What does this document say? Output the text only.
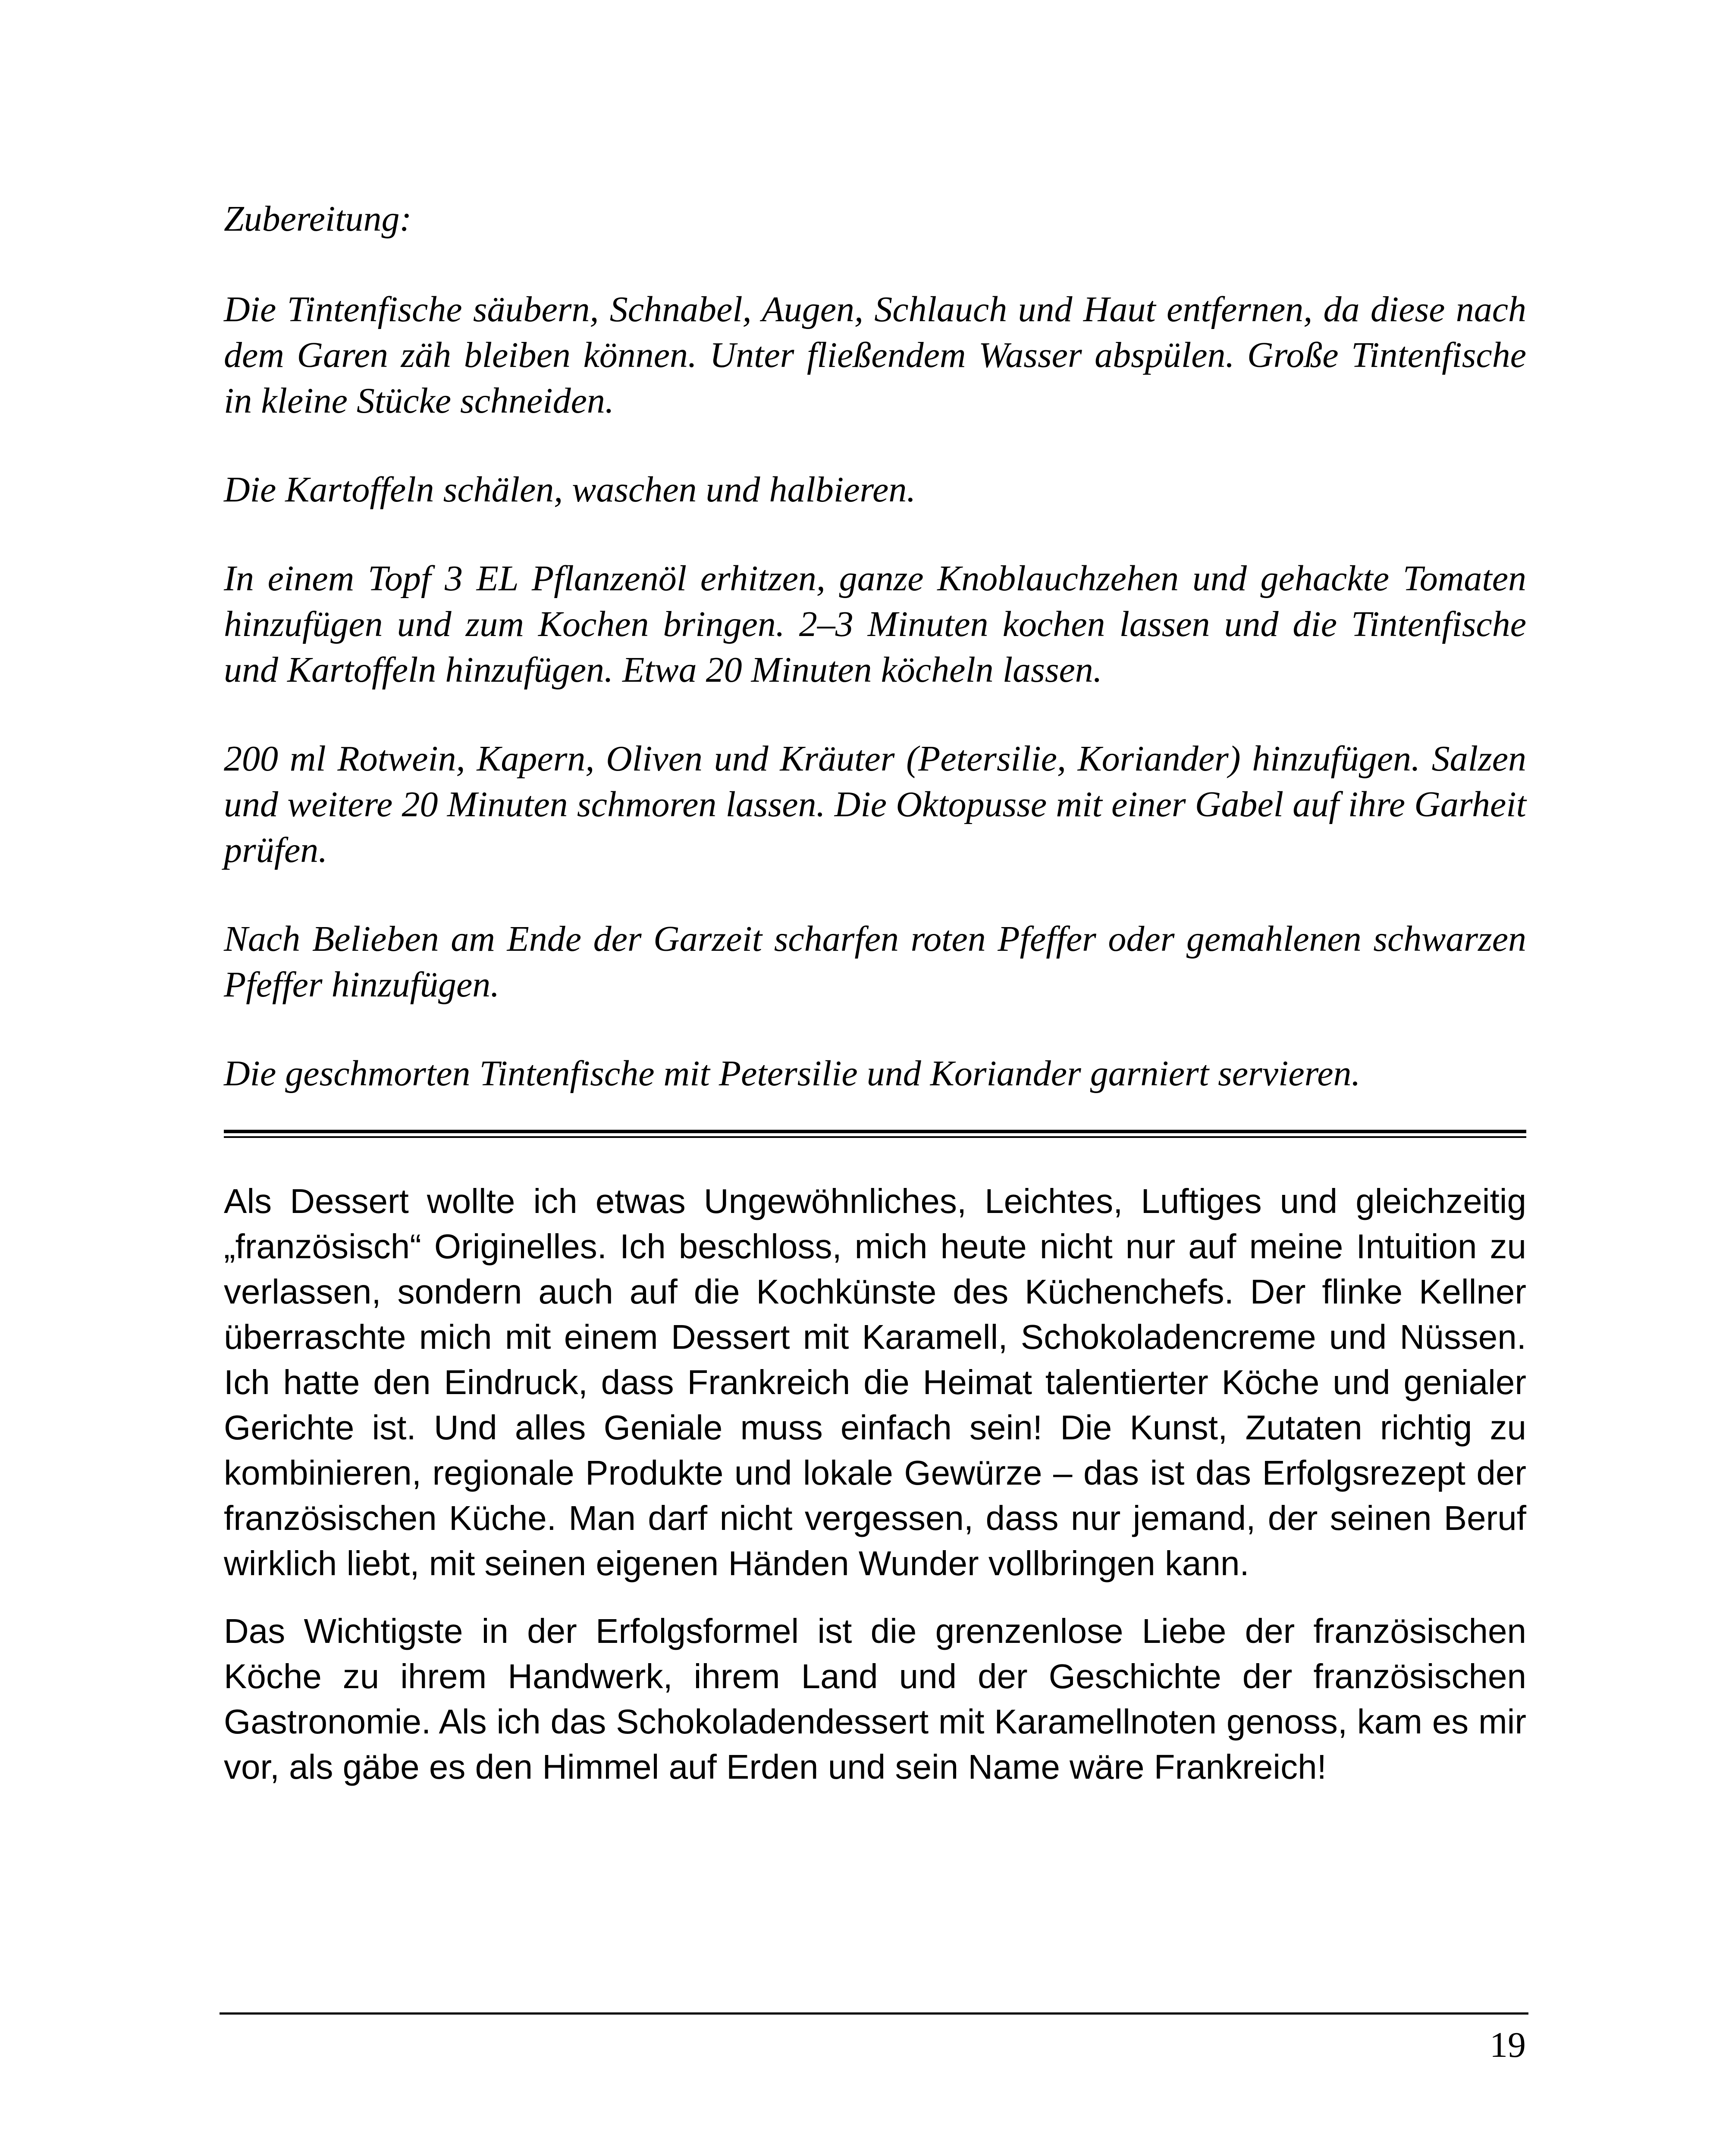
Zubereitung:

Die Tintenfische säubern, Schnabel, Augen, Schlauch und Haut entfernen, da diese nach dem Garen zäh bleiben können. Unter fließendem Wasser abspülen. Große Tintenfische in kleine Stücke schneiden.

Die Kartoffeln schälen, waschen und halbieren.

In einem Topf 3 EL Pflanzenöl erhitzen, ganze Knoblauchzehen und gehackte Tomaten hinzufügen und zum Kochen bringen. 2–3 Minuten kochen lassen und die Tintenfische und Kartoffeln hinzufügen. Etwa 20 Minuten köcheln lassen.

200 ml Rotwein, Kapern, Oliven und Kräuter (Petersilie, Koriander) hinzufügen. Salzen und weitere 20 Minuten schmoren lassen. Die Oktopusse mit einer Gabel auf ihre Garheit prüfen.

Nach Belieben am Ende der Garzeit scharfen roten Pfeffer oder gemahlenen schwarzen Pfeffer hinzufügen.

Die geschmorten Tintenfische mit Petersilie und Koriander garniert servieren.

Als Dessert wollte ich etwas Ungewöhnliches, Leichtes, Luftiges und gleichzeitig „französisch“ Originelles. Ich beschloss, mich heute nicht nur auf meine Intuition zu verlassen, sondern auch auf die Kochkünste des Küchenchefs. Der flinke Kellner überraschte mich mit einem Dessert mit Karamell, Schokoladencreme und Nüssen. Ich hatte den Eindruck, dass Frankreich die Heimat talentierter Köche und genialer Gerichte ist. Und alles Geniale muss einfach sein! Die Kunst, Zutaten richtig zu kombinieren, regionale Produkte und lokale Gewürze – das ist das Erfolgsrezept der französischen Küche. Man darf nicht vergessen, dass nur jemand, der seinen Beruf wirklich liebt, mit seinen eigenen Händen Wunder vollbringen kann.

Das Wichtigste in der Erfolgsformel ist die grenzenlose Liebe der französischen Köche zu ihrem Handwerk, ihrem Land und der Geschichte der französischen Gastronomie. Als ich das Schokoladendessert mit Karamellnoten genoss, kam es mir vor, als gäbe es den Himmel auf Erden und sein Name wäre Frankreich!

19
